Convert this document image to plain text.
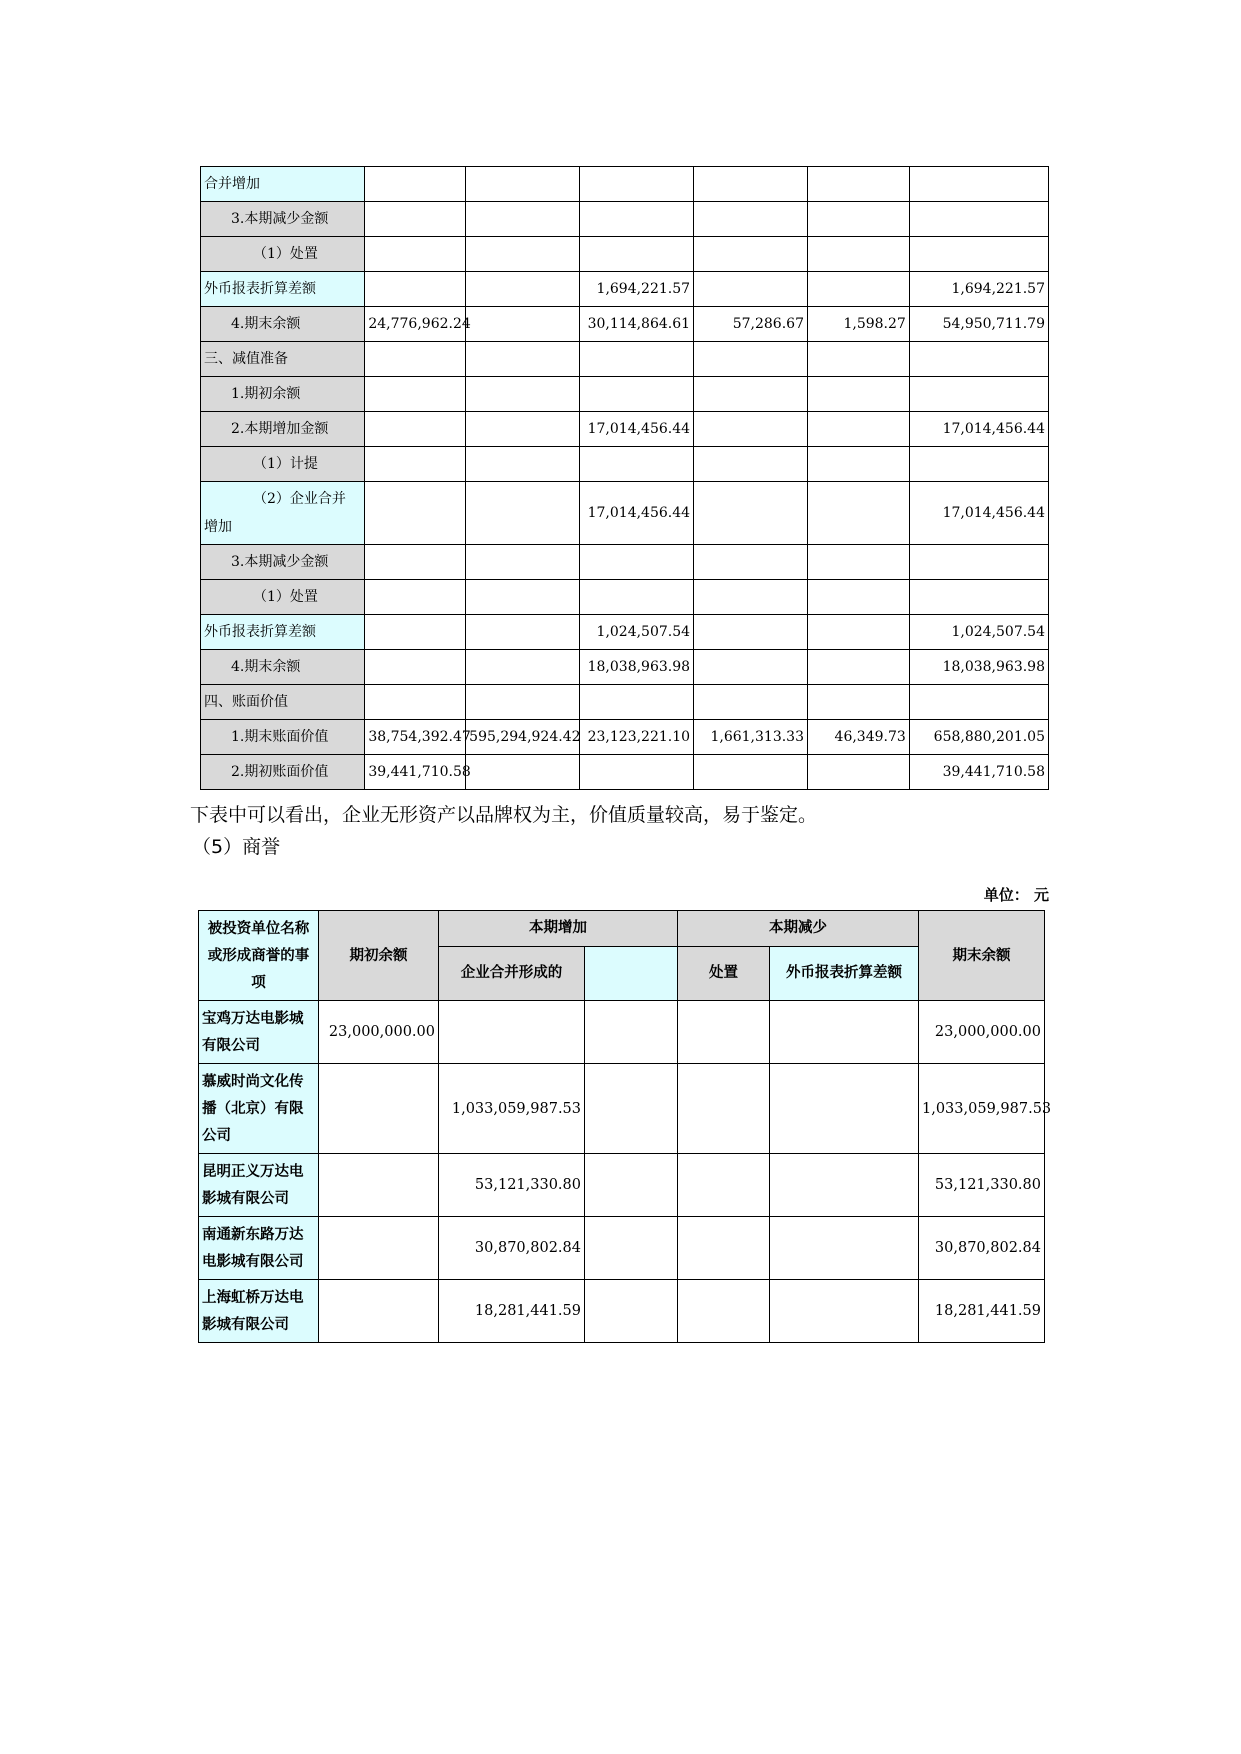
合并增加						
3.本期减少金额						
（1）处置						
外币报表折算差额			1,694,221.57			1,694,221.57
4.期末余额	24,776,962.24		30,114,864.61	57,286.67	1,598.27	54,950,711.79
三、减值准备						
1.期初余额						
2.本期增加金额			17,014,456.44			17,014,456.44
（1）计提						

（2）企业合并
增加			17,014,456.44			17,014,456.44
3.本期减少金额						
（1）处置						
外币报表折算差额			1,024,507.54			1,024,507.54
4.期末余额			18,038,963.98			18,038,963.98
四、账面价值						
1.期末账面价值	38,754,392.47	595,294,924.42	23,123,221.10	1,661,313.33	46,349.73	658,880,201.05
2.期初账面价值	39,441,710.58					39,441,710.58
下表中可以看出，企业无形资产以品牌权为主，价值质量较高，易于鉴定。
（5）商誉
单位： 元
被投资单位名称
或形成商誉的事
项	期初余额	本期增加		本期减少		期末余额
		企业合并形成的		处置	外币报表折算差额	

宝鸡万达电影城
有限公司	23,000,000.00					23,000,000.00

慕威时尚文化传
播（北京）有限
公司		1,033,059,987.53				1,033,059,987.53

昆明正义万达电
影城有限公司		53,121,330.80				53,121,330.80

南通新东路万达
电影城有限公司		30,870,802.84				30,870,802.84

上海虹桥万达电
影城有限公司		18,281,441.59				18,281,441.59
